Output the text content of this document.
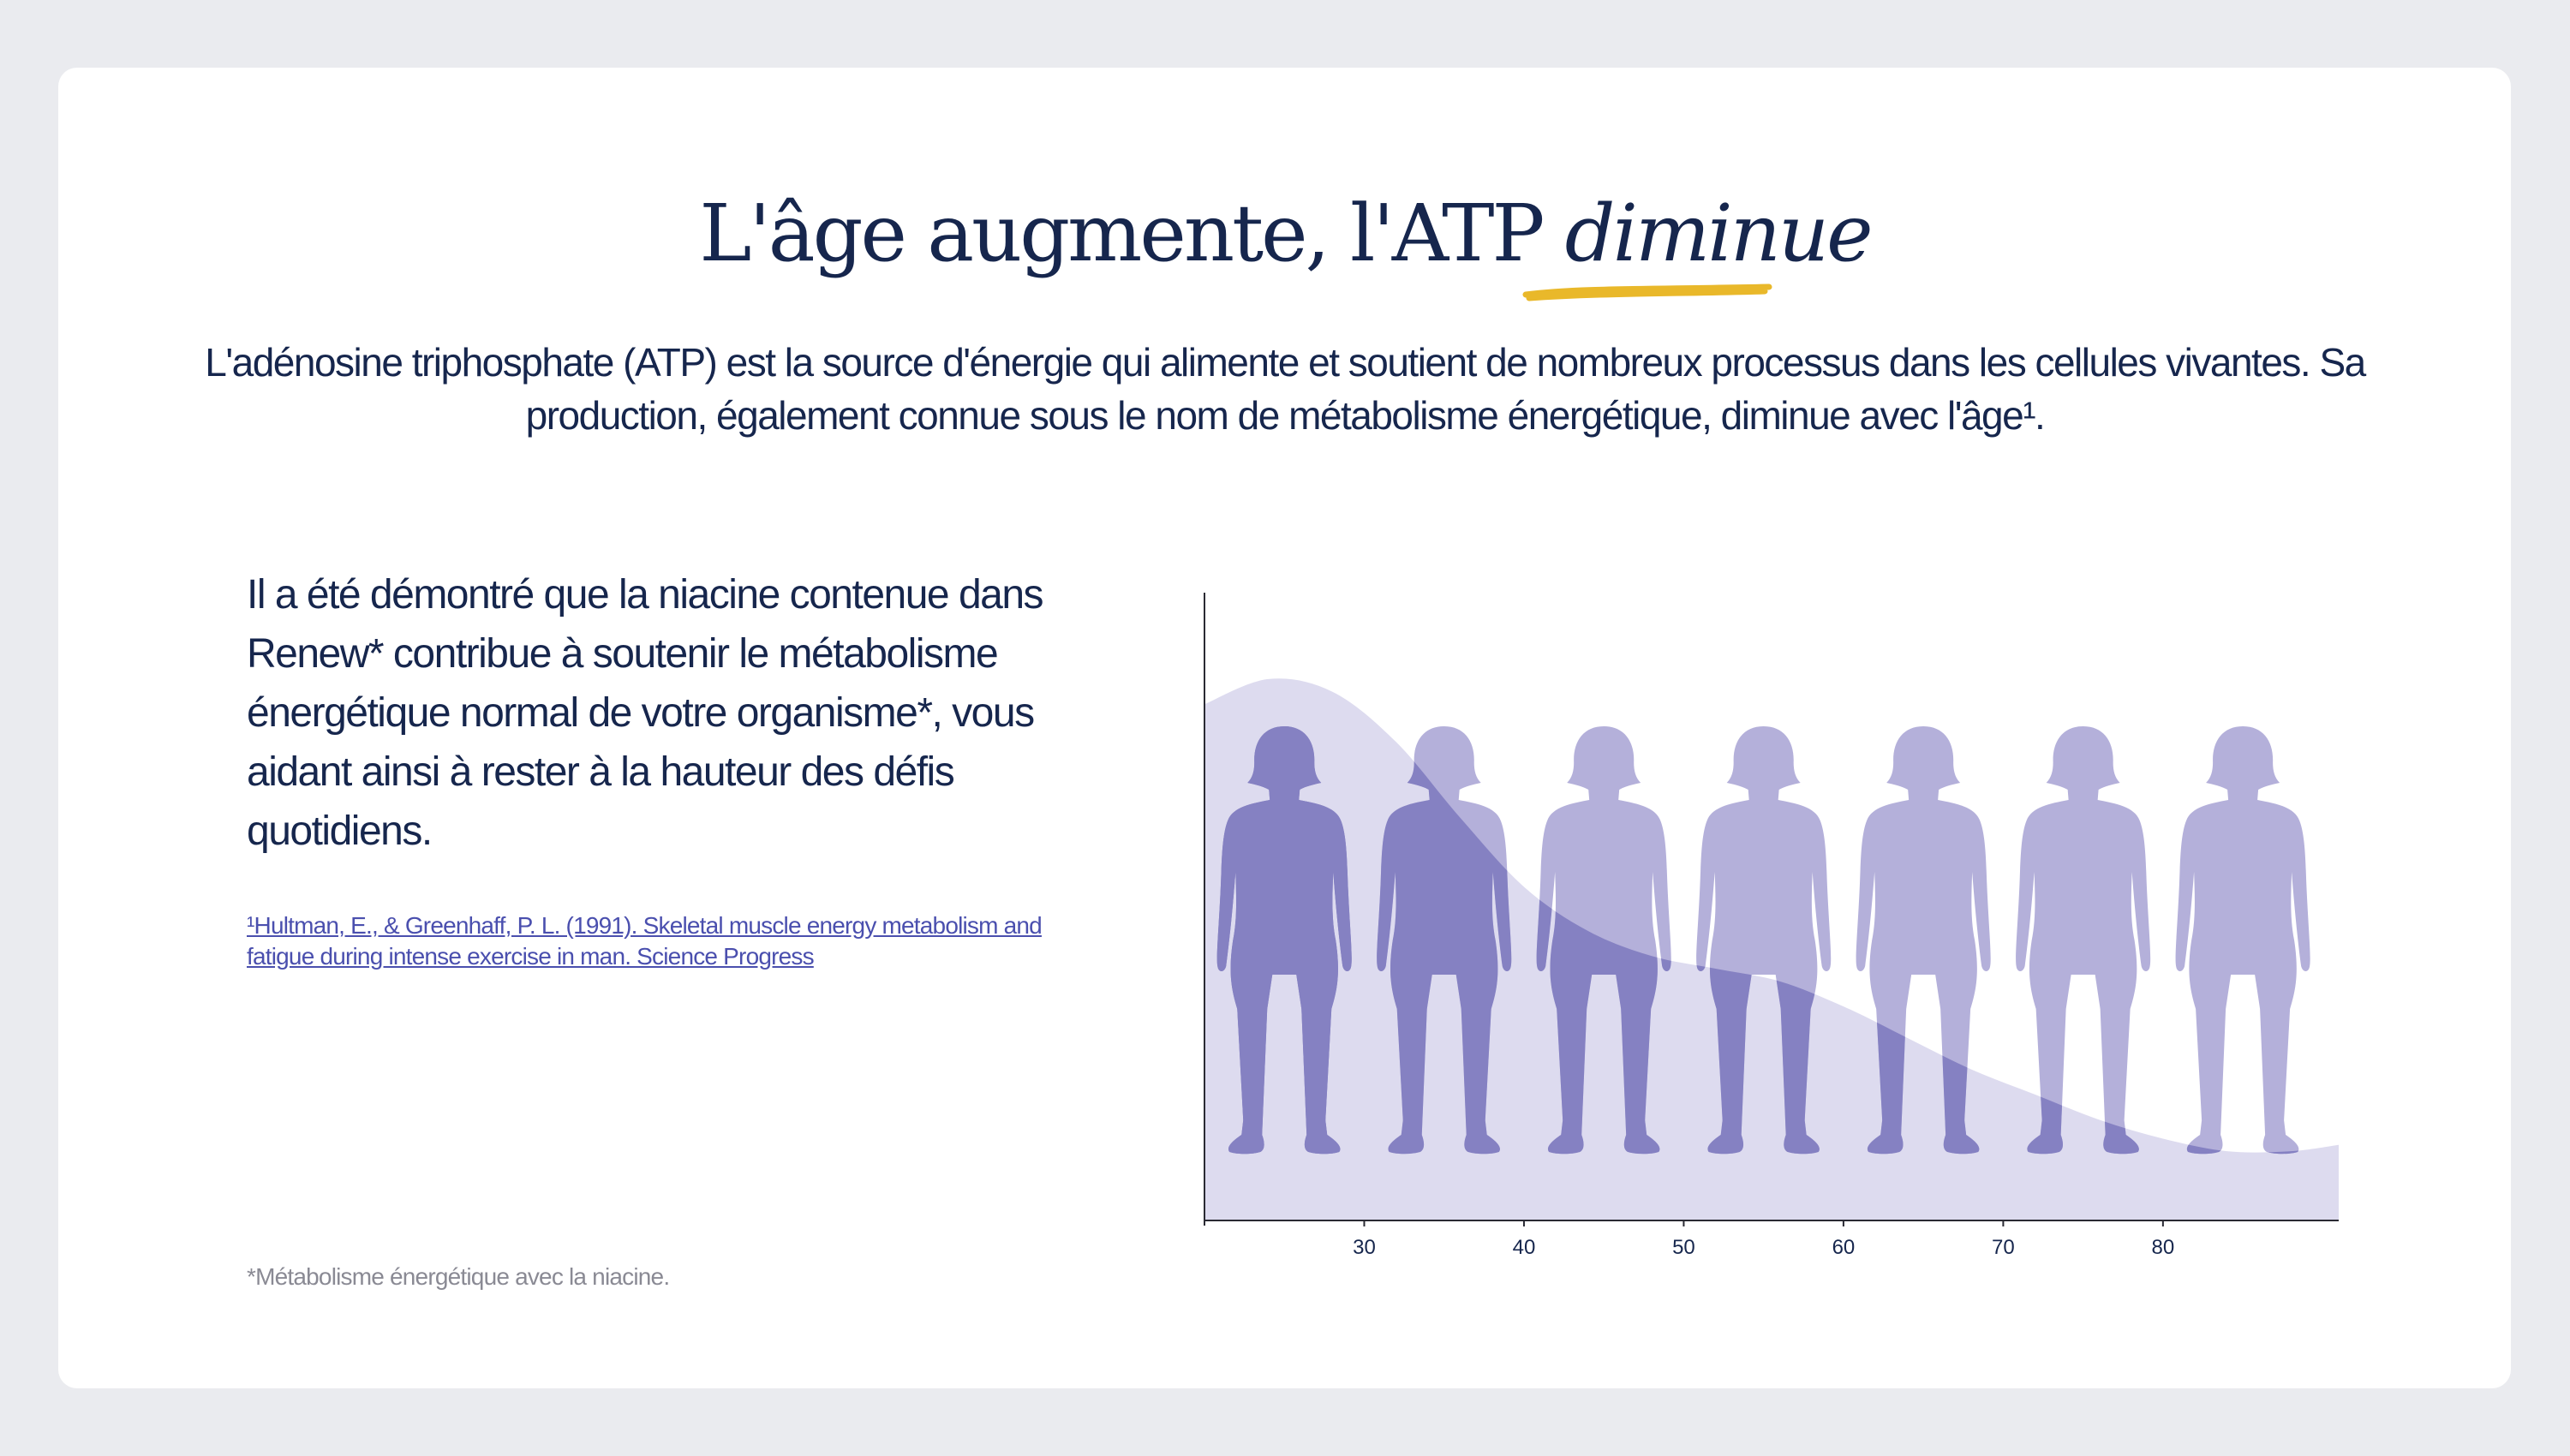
L'âge augmente, l'ATP diminue

L'adénosine triphosphate (ATP) est la source d'énergie qui alimente et soutient de nombreux processus dans les cellules vivantes. Sa production, également connue sous le nom de métabolisme énergétique, diminue avec l'âge¹.

Il a été démontré que la niacine contenue dans Renew* contribue à soutenir le métabolisme énergétique normal de votre organisme*, vous aidant ainsi à rester à la hauteur des défis quotidiens.

¹Hultman, E., & Greenhaff, P. L. (1991). Skeletal muscle energy metabolism and fatigue during intense exercise in man. Science Progress

*Métabolisme énergétique avec la niacine.

30	40	50	60	70	80
